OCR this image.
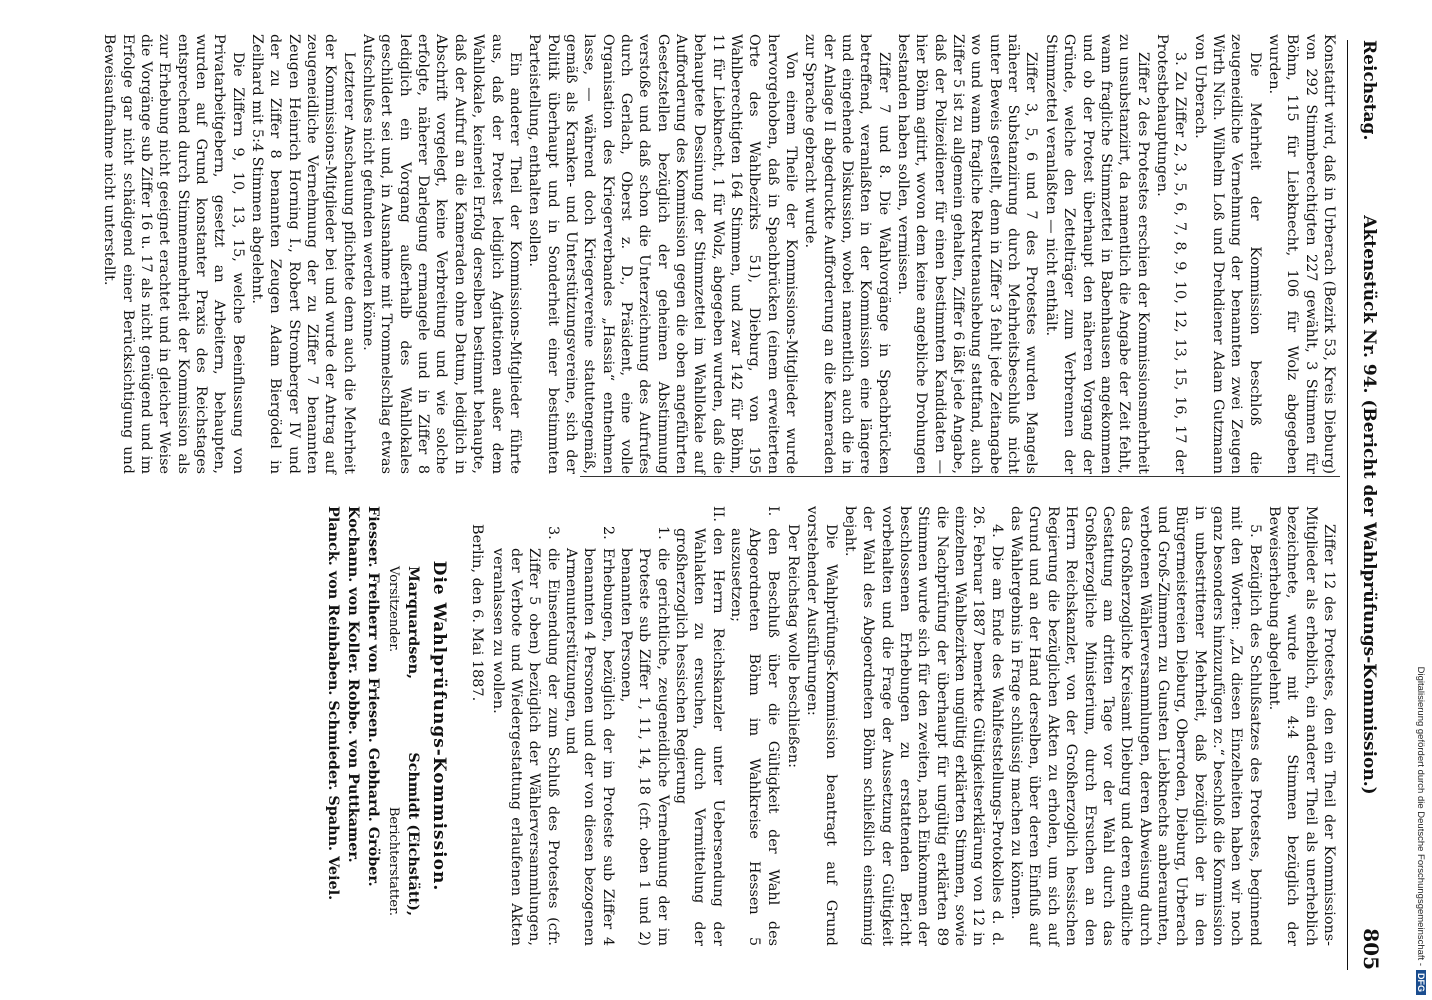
Reichstag.
Aktenstück Nr. 94. (Bericht der Wahlprüfungs-Kommission.)
805

Konstatirt wird, daß in Urberach (Bezirk 53, Kreis Dieburg) von 292 Stimmberechtigten 227 gewählt, 3 Stimmen für Böhm, 115 für Liebknecht, 106 für Wolz abgegeben wurden.

Die Mehrheit der Kommission beschloß die zeugeneidliche Vernehmung der benannten zwei Zeugen Wirth Nich. Wilhelm Loß und Drehdiener Adam Gutzmann von Urberach.

3. Zu Ziffer 2, 3, 5, 6, 7, 8, 9, 10, 12, 13, 15, 16, 17 der Protestbehauptungen.

Ziffer 2 des Protestes erschien der Kommissionsmehrheit zu unsubstanziirt, da namentlich die Angabe der Zeit fehlt, wann fragliche Stimmzettel in Babenhausen angekommen und ob der Protest überhaupt den näheren Vorgang der Gründe, welche den Zettelträger zum Verbrennen der Stimmzettel veranlaßten — nicht enthält.

Ziffer 3, 5, 6 und 7 des Protestes wurden Mangels näherer Substanziirung durch Mehrheitsbeschluß nicht unter Beweis gestellt, denn in Ziffer 3 fehlt jede Zeitangabe wo und wann fragliche Rekrutenaushebung stattfand, auch Ziffer 5 ist zu allgemein gehalten, Ziffer 6 läßt jede Angabe, daß der Polizeidiener für einen bestimmten Kandidaten — hier Böhm agitirt, wovon dem keine angebliche Drohungen bestanden haben sollen, vermissen.

Ziffer 7 und 8. Die Wahlvorgänge in Spachbrücken betreffend, veranlaßten in der Kommission eine längere und eingehende Diskussion, wobei namentlich auch die in der Anlage II abgedruckte Aufforderung an die Kameraden zur Sprache gebracht wurde.

Von einem Theile der Kommissions-Mitglieder wurde hervorgehoben, daß in Spachbrücken (einem erweiterten Orte des Wahlbezirks 51), Dieburg, von 195 Wahlberechtigten 164 Stimmen, und zwar 142 für Böhm, 11 für Liebknecht, 1 für Wolz, abgegeben wurden, daß die behauptete Dessinung der Stimmzettel im Wahllokale auf Aufforderung des Kommission gegen die oben angeführten Gesetzstellen bezüglich der geheimen Abstimmung verstoße und daß schon die Unterzeichnung des Aufrufes durch Gerlach, Oberst z. D., Präsident, eine volle Organisation des Kriegerverbandes „Hassia“ entnehmen lasse, — während doch Kriegervereine statutengemäß, gemäß als Kranken- und Unterstützungsvereine, sich der Politik überhaupt und in Sonderheit einer bestimmten Parteistellung, enthalten sollen.

Ein anderer Theil der Kommissions-Mitglieder führte aus, daß der Protest lediglich Agitationen außer dem Wahllokale, keinerlei Erfolg derselben bestimmt behaupte, daß der Aufruf an die Kameraden ohne Datum, lediglich in Abschrift vorgelegt, keine Verbreitung und wie solche erfolgte, näherer Darlegung ermangele und in Ziffer 8 lediglich ein Vorgang außerhalb des Wahllokales geschildert sei und, in Ausnahme mit Trommelschlag etwas Aufschlußes nicht gefunden werden könne.

Letzterer Anschauung pflichtete denn auch die Mehrheit der Kommissions-Mitglieder bei und wurde der Antrag auf zeugeneidliche Vernehmung der zu Ziffer 7 benannten Zeugen Heinrich Horning I., Robert Stromberger IV und der zu Ziffer 8 benannten Zeugen Adam Biergödel in Zeilhard mit 5:4 Stimmen abgelehnt.

Die Ziffern 9, 10, 13, 15, welche Beeinflussung von Privatarbeitgebern, gesetzt an Arbeitern, behaupten, wurden auf Grund konstanter Praxis des Reichstages entsprechend durch Stimmenmehrheit der Kommission als zur Erhebung nicht geeignet erachtet und in gleicher Weise die Vorgänge sub Ziffer 16 u. 17 als nicht genügend und im Erfolge gar nicht schädigend einer Berücksichtigung und Beweisaufnahme nicht unterstellt.

Ziffer 12 des Protestes, den ein Theil der Kommissions-Mitglieder als erheblich, ein anderer Theil als unerheblich bezeichnete, wurde mit 4:4 Stimmen bezüglich der Beweiserhebung abgelehnt.

5. Bezüglich des Schlußsatzes des Protestes, beginnend mit den Worten: „Zu diesen Einzelheiten haben wir noch ganz besonders hinzuzufügen zc.“ beschloß die Kommission in unbestrittener Mehrheit, daß bezüglich der in den Bürgermeistereien Dieburg, Oberroden, Dieburg, Urberach und Groß-Zimmern zu Gunsten Liebknechts anberaumten, verbotenen Wählerversammlungen, deren Abweisung durch das Großherzogliche Kreisamt Dieburg und deren endliche Gestattung am dritten Tage vor der Wahl durch das Großherzogliche Ministerium, durch Ersuchen an den Herrn Reichskanzler, von der Großherzoglich hessischen Regierung die bezüglichen Akten zu erholen, um sich auf Grund und an der Hand derselben, über deren Einfluß auf das Wahlergebnis in Frage schlüssig machen zu können.

4. Die am Ende des Wahlfeststellungs-Protokolles d. d. 26. Februar 1887 bemerkte Gültigkeitserklärung von 12 in einzelnen Wahlbezirken ungültig erklärten Stimmen, sowie die Nachprüfung der überhaupt für ungültig erklärten 89 Stimmen wurde sich für den zweiten, nach Einkommen der beschlossenen Erhebungen zu erstattenden Bericht vorbehalten und die Frage der Aussetzung der Gültigkeit der Wahl des Abgeordneten Böhm schließlich einstimmig bejaht.

Die Wahlprüfungs-Kommission beantragt auf Grund vorstehender Ausführungen:

Der Reichstag wolle beschließen:

I.
den Beschluß über die Gültigkeit der Wahl des Abgeordneten Böhm im Wahlkreise Hessen 5 auszusetzen;

II.
den Herrn Reichskanzler unter Uebersendung der Wahlakten zu ersuchen, durch Vermittelung der großherzoglich hessischen Regierung

1.
die gerichtliche, zeugeneidliche Vernehmung der im Proteste sub Ziffer 1, 11, 14, 18 (cfr. oben 1 und 2) benannten Personen,

2.
Erhebungen, bezüglich der im Proteste sub Ziffer 4 benannten 4 Personen und der von diesen bezogenen Armenunterstützungen, und

3.
die Einsendung der zum Schluß des Protestes (cfr. Ziffer 5 oben) bezüglich der Wählerversammlungen, der Verbote und Wiedergestattung erlaufenen Akten veranlassen zu wollen.

Berlin, den 6. Mai 1887.

Die Wahlprüfungs-Kommission.
Marquardsen,
Schmidt (Eichstätt),
Vorsitzender.
Berichterstatter.
Fiesser. Freiherr von Friesen. Gebhard. Gröber.
Kochann. von Koller. Robbe. von Puttkamer.
Planck. von Reinbaben. Schmieder. Spahn. Veiel.	Digitalisierung gefördert durch die Deutsche Forschungsgemeinschaft -DFG
